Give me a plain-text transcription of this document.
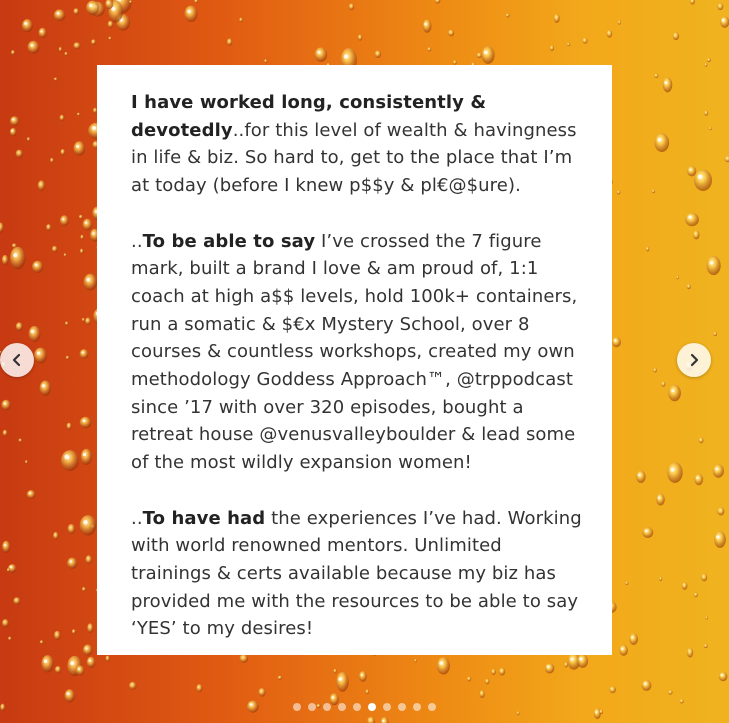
I have worked long, consistently & devotedly..for this level of wealth & havingness in life & biz. So hard to, get to the place that I’m at today (before I knew p$$y & pl€@$ure).

..To be able to say I’ve crossed the 7 figure mark, built a brand I love & am proud of, 1:1 coach at high a$$ levels, hold 100k+ containers, run a somatic & $€x Mystery School, over 8 courses & countless workshops, created my own methodology Goddess Approach™, @trppodcast since ’17 with over 320 episodes, bought a retreat house @venusvalleyboulder & lead some of the most wildly expansion women!

..To have had the experiences I’ve had. Working with world renowned mentors. Unlimited trainings & certs available because my biz has provided me with the resources to be able to say ‘YES’ to my desires!
